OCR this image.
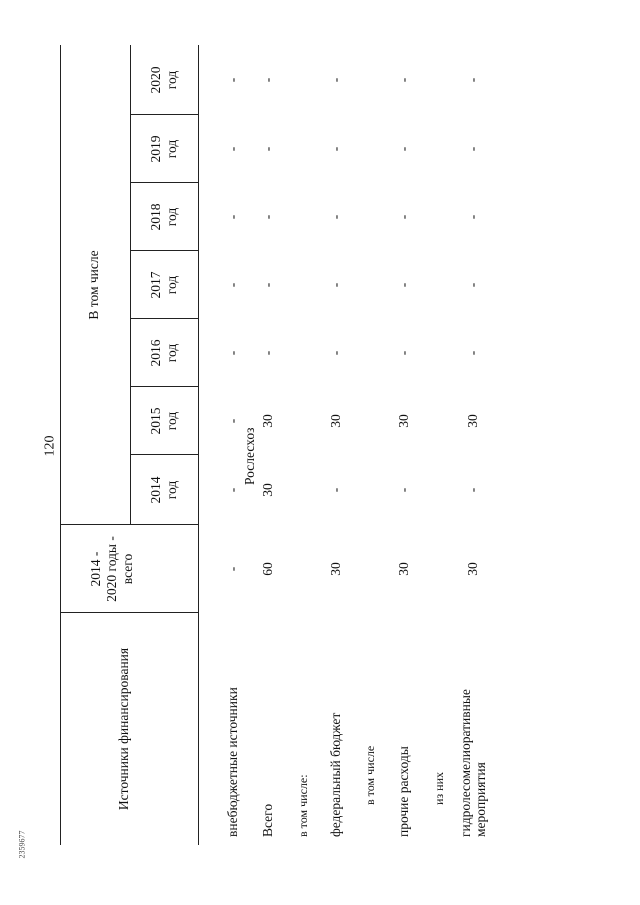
120
2359677
Источники финансирования
2014 -
2020 годы -
всего
В том числе
2014
год
2015
год
2016
год
2017
год
2018
год
2019
год
2020
год
внебюджетные источники
-
-
-
-
-
-
-
-
Рослесхоз
Всего
60
30
30
-
-
-
-
-
в том числе: федеральный бюджет
30
-
30
-
-
-
-
-
в том числе прочие расходы
30
-
30
-
-
-
-
-
из них гидролесомелиоративные
мероприятия
30
-
30
-
-
-
-
-
